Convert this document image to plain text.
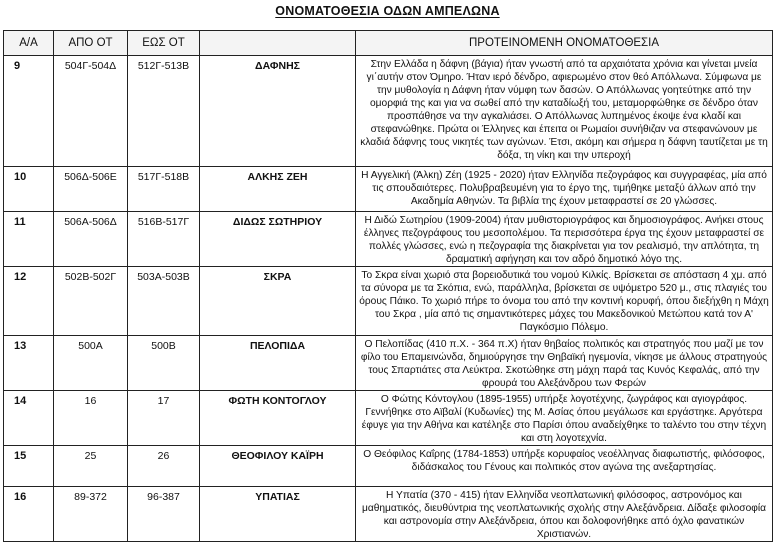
ΟΝΟΜΑΤΟΘΕΣΙΑ ΟΔΩΝ ΑΜΠΕΛΩΝΑ
Α/Α	ΑΠΟ ΟΤ	ΕΩΣ ΟΤ		ΠΡΟΤΕΙΝΟΜΕΝΗ ΟΝΟΜΑΤΟΘΕΣΙΑ
9	504Γ-504Δ	512Γ-513Β	ΔΑΦΝΗΣ	Στην Ελλάδα η δάφνη (βάγια) ήταν γνωστή από τα αρχαιότατα χρόνια και γίνεται μνεία γι΄αυτήν στον Όμηρο. Ήταν ιερό δένδρο, αφιερωμένο στον θεό Απόλλωνα. Σύμφωνα με την μυθολογία η Δάφνη ήταν νύμφη των δασών. Ο Απόλλωνας γοητεύτηκε από την ομορφιά της και για να σωθεί από την καταδίωξή του, μεταμορφώθηκε σε δένδρο όταν προσπάθησε να την αγκαλιάσει. Ο Απόλλωνας λυπημένος έκοψε ένα κλαδί και στεφανώθηκε. Πρώτα οι Έλληνες και έπειτα οι Ρωμαίοι συνήθιζαν να στεφανώνουν με κλαδιά δάφνης τους νικητές των αγώνων. Έτσι, ακόμη και σήμερα η δάφνη ταυτίζεται με τη δόξα, τη νίκη και την υπεροχή
10	506Δ-506Ε	517Γ-518Β	ΑΛΚΗΣ ΖΕΗ	Η Αγγελική (Άλκη) Ζέη (1925 - 2020) ήταν Ελληνίδα πεζογράφος και συγγραφέας, μία από τις σπουδαιότερες. Πολυβραβευμένη για το έργο της, τιμήθηκε μεταξύ άλλων από την Ακαδημία Αθηνών. Τα βιβλία της έχουν μεταφραστεί σε 20 γλώσσες.
11	506Α-506Δ	516Β-517Γ	ΔΙΔΩΣ ΣΩΤΗΡΙΟΥ	Η Διδώ Σωτηρίου (1909-2004) ήταν μυθιστοριογράφος και δημοσιογράφος. Ανήκει στους έλληνες πεζογράφους του μεσοπολέμου. Τα περισσότερα έργα της έχουν μεταφραστεί σε πολλές γλώσσες, ενώ η πεζογραφία της διακρίνεται για τον ρεαλισμό, την απλότητα, τη δραματική αφήγηση και τον αδρό δημοτικό λόγο της.
12	502Β-502Γ	503Α-503Β	ΣΚΡΑ	Το Σκρα είναι χωριό στα βορειοδυτικά του νομού Κιλκίς. Βρίσκεται σε απόσταση 4 χμ. από τα σύνορα με τα Σκόπια, ενώ, παράλληλα, βρίσκεται σε υψόμετρο 520 μ., στις πλαγιές του όρους Πάικο. Το χωριό πήρε το όνομα του από την κοντινή κορυφή, όπου διεξήχθη η Μάχη του Σκρα , μία από τις σημαντικότερες μάχες του Μακεδονικού Μετώπου κατά τον Α' Παγκόσμιο Πόλεμο.

13	500Α	500Β	ΠΕΛΟΠΙΔΑ	Ο Πελοπίδας (410 π.Χ. - 364 π.Χ) ήταν θηβαίος πολιτικός και στρατηγός που μαζί με τον φίλο του Επαμεινώνδα, δημιούργησε την Θηβαϊκή ηγεμονία, νίκησε με άλλους στρατηγούς τους Σπαρτιάτες στα Λεύκτρα. Σκοτώθηκε στη μάχη παρά τας Κυνός Κεφαλάς, από την φρουρά του Αλεξάνδρου των Φερών
14	16	17	ΦΩΤΗ ΚΟΝΤΟΓΛΟΥ	Ο Φώτης Κόντογλου (1895-1955) υπήρξε λογοτέχνης, ζωγράφος και αγιογράφος. Γεννήθηκε στο Αϊβαλί (Κυδωνίες) της Μ. Ασίας όπου μεγάλωσε και εργάστηκε. Αργότερα έφυγε για την Αθήνα και κατέληξε στο Παρίσι όπου αναδείχθηκε το ταλέντο του στην τέχνη και στη λογοτεχνία.
15	25	26	ΘΕΟΦΙΛΟΥ ΚΑΪΡΗ	Ο Θεόφιλος Καΐρης (1784-1853) υπήρξε κορυφαίος νεοέλληνας διαφωτιστής, φιλόσοφος, διδάσκαλος του Γένους και πολιτικός στον αγώνα της ανεξαρτησίας.
16	89-372	96-387	ΥΠΑΤΙΑΣ	Η Υπατία (370 - 415) ήταν Ελληνίδα νεοπλατωνική φιλόσοφος, αστρονόμος και μαθηματικός, διευθύντρια της νεοπλατωνικής σχολής στην Αλεξάνδρεια. Δίδαξε φιλοσοφία και αστρονομία στην Αλεξάνδρεια, όπου και δολοφονήθηκε από όχλο φανατικών Χριστιανών.
